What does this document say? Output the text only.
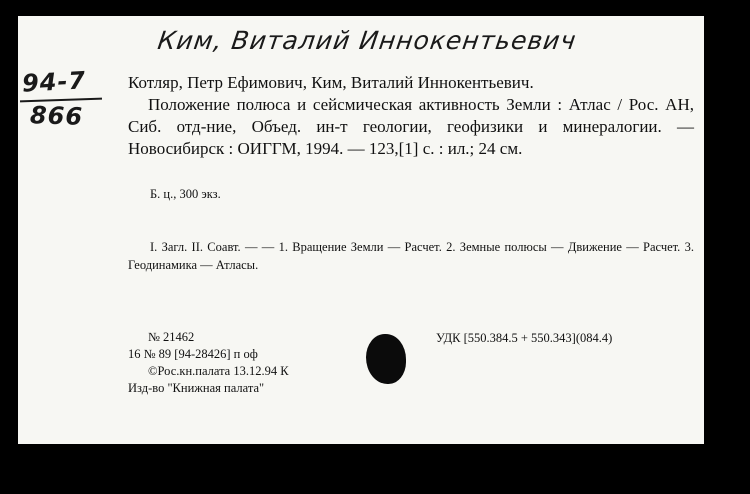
Ким, Виталий Иннокентьевич
94-7
866

Котляр, Петр Ефимович, Ким, Виталий Иннокентьевич.

Положение полюса и сейсмическая активность Земли : Атлас / Рос. АН, Сиб. отд-ние, Объед. ин-т геологии, геофизики и минералогии. — Новосибирск : ОИГГМ, 1994. — 123,[1] с. : ил.; 24 см.

Б. ц., 300 экз.
I. Загл. II. Соавт. — — 1. Вращение Земли — Расчет. 2. Земные полюсы — Движение — Расчет. 3. Геодинамика — Атласы.
№ 21462
16 № 89 [94-28426] п оф
©Рос.кн.палата 13.12.94 К
Изд-во "Книжная палата"
УДК [550.384.5 + 550.343](084.4)
